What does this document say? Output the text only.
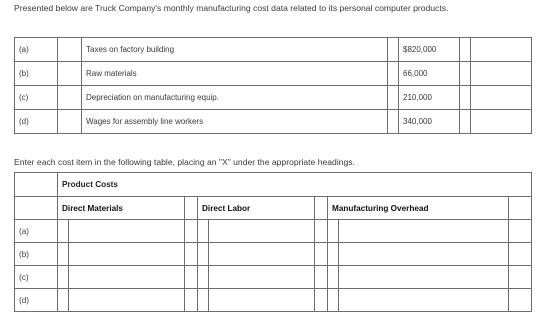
Presented below are Truck Company's monthly manufacturing cost data related to its personal computer products.
(a)		Taxes on factory building		$820,000		
(b)		Raw materials		66,000		
(c)		Depreciation on manufacturing equip.		210,000		
(d)		Wages for assembly line workers		340,000		
Enter each cost item in the following table, placing an "X" under the appropriate headings.
	Product Costs								
	Direct Materials			Direct Labor			Manufacturing Overhead		
(a)									
(b)									
(c)									
(d)									
